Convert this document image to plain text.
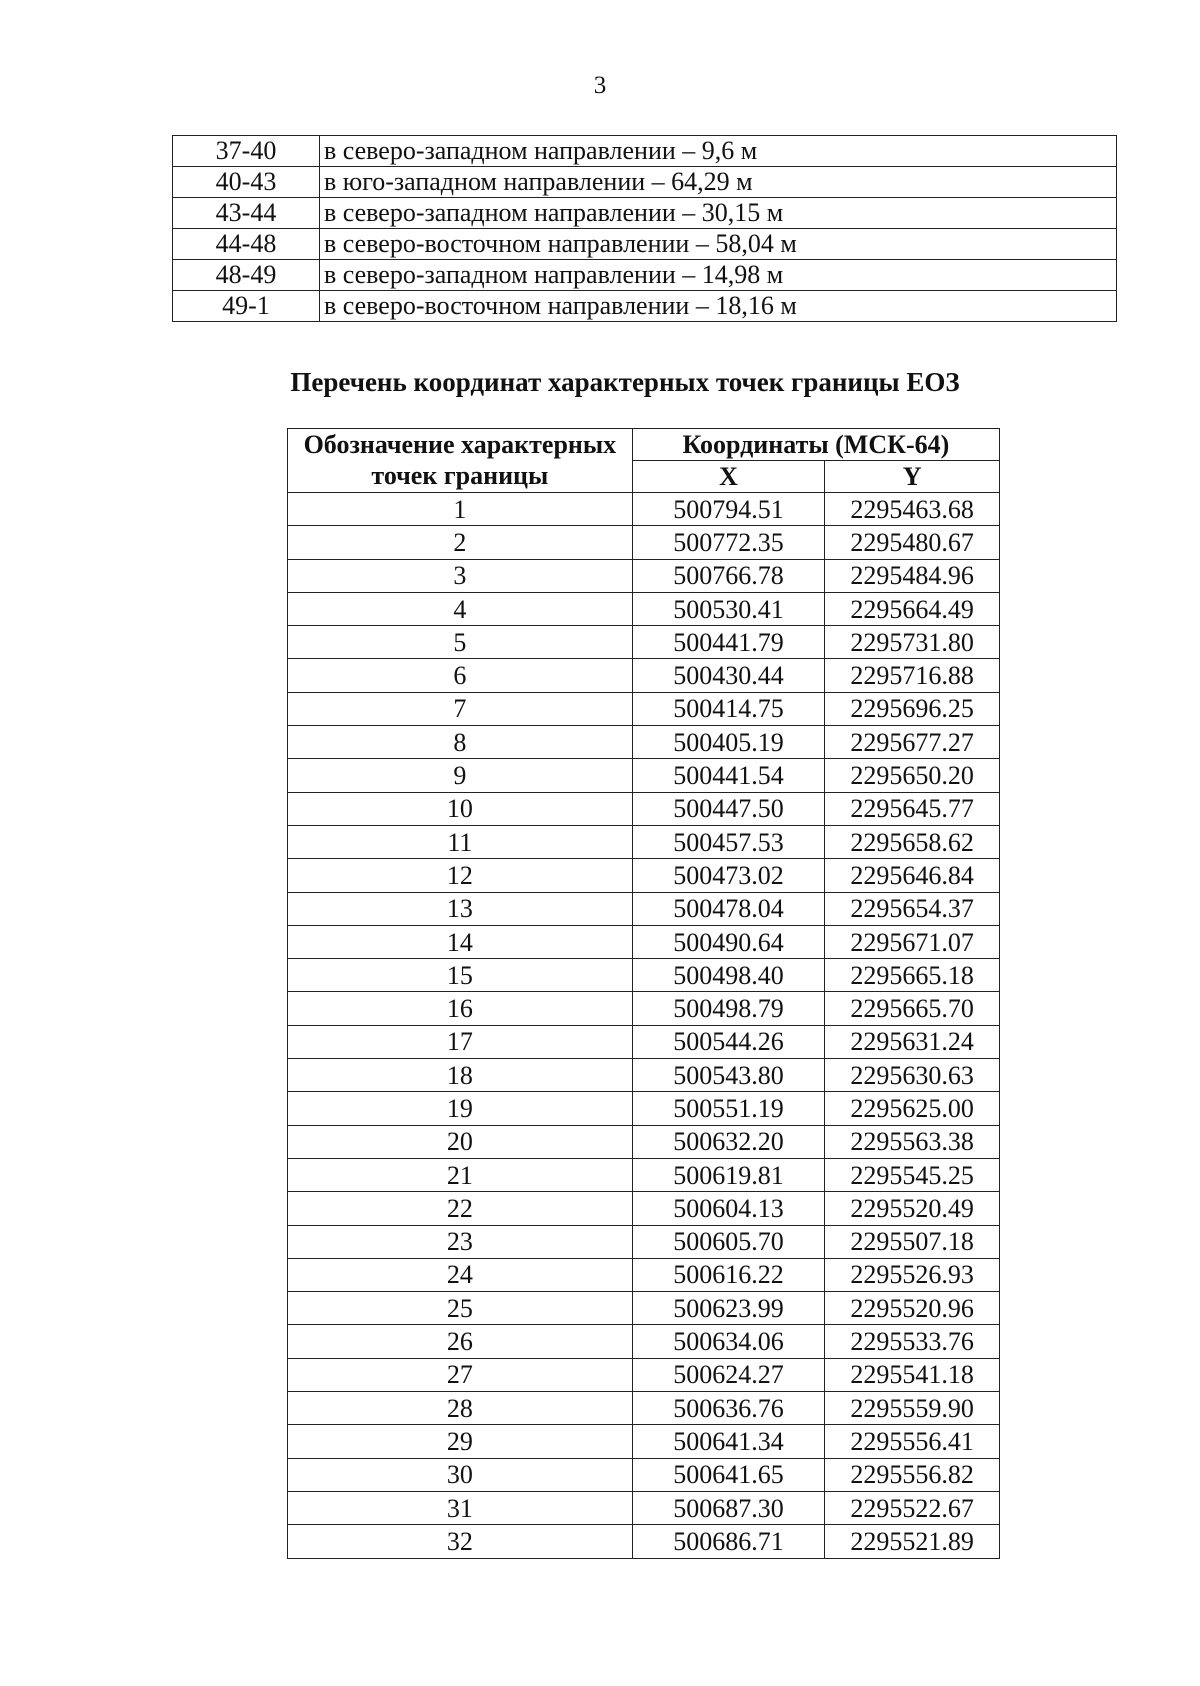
3
37-40	в северо-западном направлении – 9,6 м
40-43	в юго-западном направлении – 64,29 м
43-44	в северо-западном направлении – 30,15 м
44-48	в северо-восточном направлении – 58,04 м
48-49	в северо-западном направлении – 14,98 м
49-1	в северо-восточном направлении – 18,16 м
Перечень координат характерных точек границы ЕОЗ
Обозначение характерных
точек границы	Координаты (МСК-64)	
	X	Y
1	500794.51	2295463.68
2	500772.35	2295480.67
3	500766.78	2295484.96
4	500530.41	2295664.49
5	500441.79	2295731.80
6	500430.44	2295716.88
7	500414.75	2295696.25
8	500405.19	2295677.27
9	500441.54	2295650.20
10	500447.50	2295645.77
11	500457.53	2295658.62
12	500473.02	2295646.84
13	500478.04	2295654.37
14	500490.64	2295671.07
15	500498.40	2295665.18
16	500498.79	2295665.70
17	500544.26	2295631.24
18	500543.80	2295630.63
19	500551.19	2295625.00
20	500632.20	2295563.38
21	500619.81	2295545.25
22	500604.13	2295520.49
23	500605.70	2295507.18
24	500616.22	2295526.93
25	500623.99	2295520.96
26	500634.06	2295533.76
27	500624.27	2295541.18
28	500636.76	2295559.90
29	500641.34	2295556.41
30	500641.65	2295556.82
31	500687.30	2295522.67
32	500686.71	2295521.89
